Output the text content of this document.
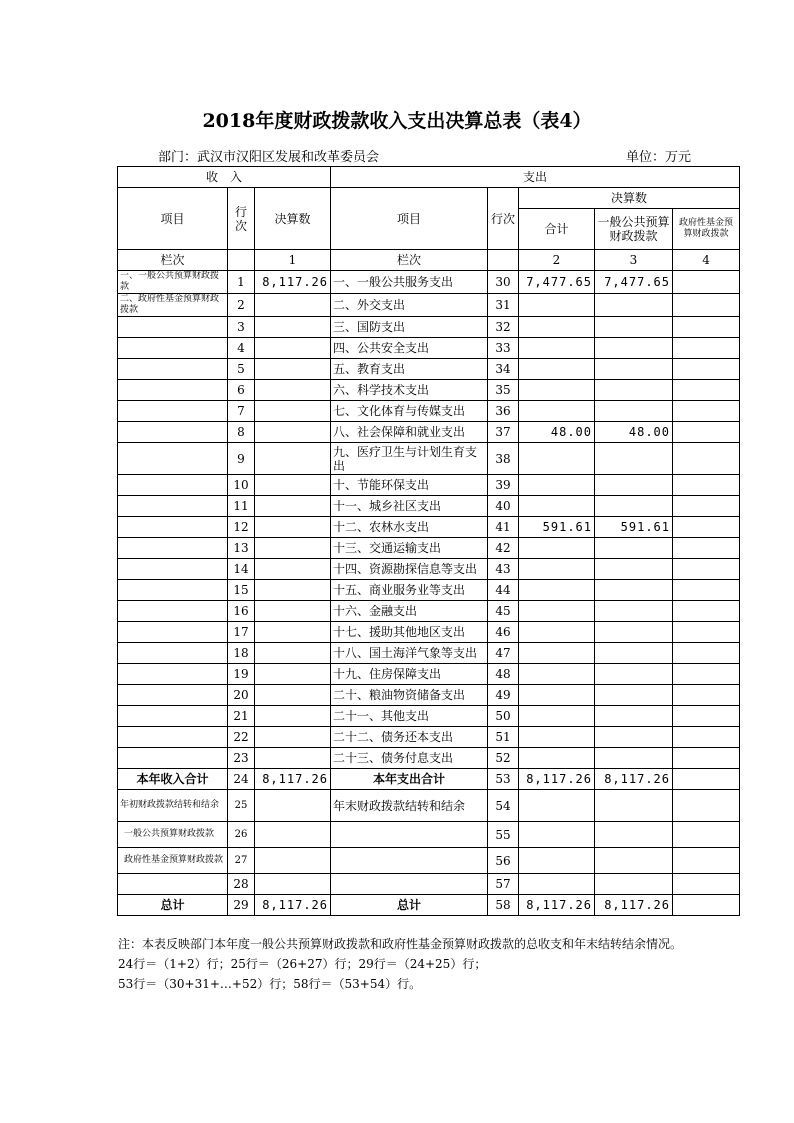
2018年度财政拨款收入支出决算总表（表4）
部门：武汉市汉阳区发展和改革委员会	单位：万元
收　入			支出				
项目	行次	决算数	项目	行次	决算数		
					合计	一般公共预算财政拨款	政府性基金预算财政拨款
栏次		1	栏次		2	3	4
一、一般公共预算财政拨款	1	8,117.26	一、一般公共服务支出	30	7,477.65	7,477.65	
二、政府性基金预算财政拨款	2		二、外交支出	31			
	3		三、国防支出	32			
	4		四、公共安全支出	33			
	5		五、教育支出	34			
	6		六、科学技术支出	35			
	7		七、文化体育与传媒支出	36			
	8		八、社会保障和就业支出	37	48.00	48.00	
	9		九、医疗卫生与计划生育支出	38			
	10		十、节能环保支出	39			
	11		十一、城乡社区支出	40			
	12		十二、农林水支出	41	591.61	591.61	
	13		十三、交通运输支出	42			
	14		十四、资源勘探信息等支出	43			
	15		十五、商业服务业等支出	44			
	16		十六、金融支出	45			
	17		十七、援助其他地区支出	46			
	18		十八、国土海洋气象等支出	47			
	19		十九、住房保障支出	48			
	20		二十、粮油物资储备支出	49			
	21		二十一、其他支出	50			
	22		二十二、债务还本支出	51			
	23		二十三、债务付息支出	52			
本年收入合计	24	8,117.26	本年支出合计	53	8,117.26	8,117.26	
年初财政拨款结转和结余	25		年末财政拨款结转和结余	54			
一般公共预算财政拨款	26			55			
政府性基金预算财政拨款	27			56			
	28			57			
总计	29	8,117.26	总计	58	8,117.26	8,117.26	
注：本表反映部门本年度一般公共预算财政拨款和政府性基金预算财政拨款的总收支和年末结转结余情况。
24行＝（1+2）行；25行＝（26+27）行；29行＝（24+25）行；
53行＝（30+31+…+52）行；58行＝（53+54）行。
